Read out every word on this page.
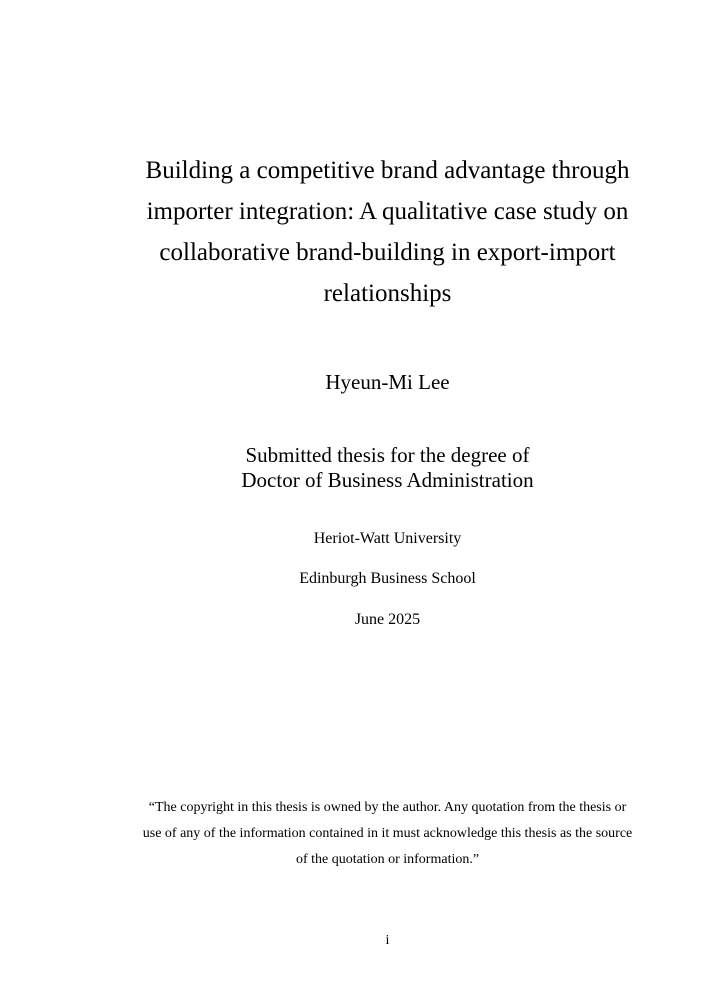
Building a competitive brand advantage through
importer integration: A qualitative case study on
collaborative brand-building in export-import
relationships
Hyeun-Mi Lee
Submitted thesis for the degree of
Doctor of Business Administration
Heriot-Watt University
Edinburgh Business School
June 2025
“The copyright in this thesis is owned by the author. Any quotation from the thesis or
use of any of the information contained in it must acknowledge this thesis as the source
of the quotation or information.”
i
